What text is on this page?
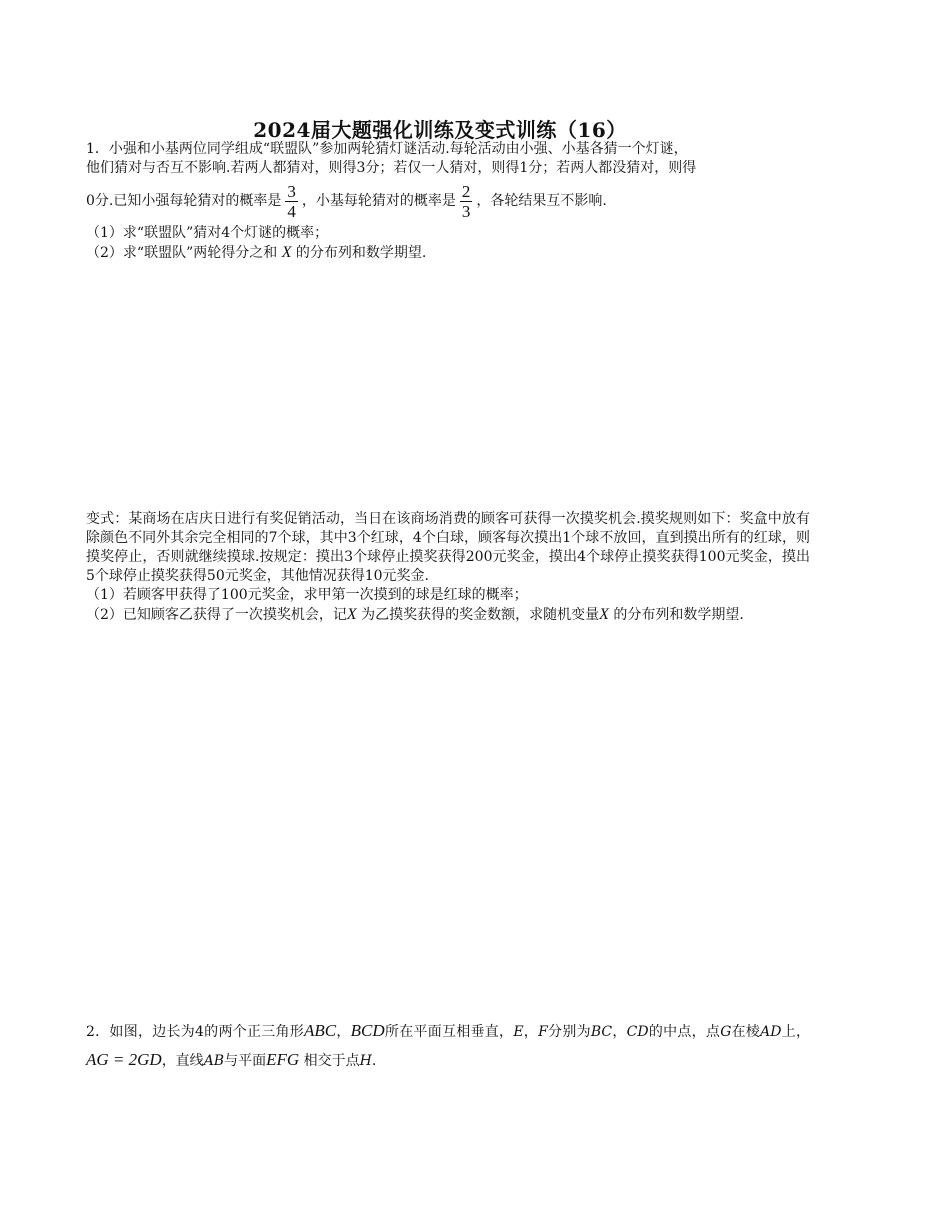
2024届大题强化训练及变式训练（16）

1．小强和小基两位同学组成“联盟队”参加两轮猜灯谜活动.每轮活动由小强、小基各猜一个灯谜，

他们猜对与否互不影响.若两人都猜对，则得3分；若仅一人猜对，则得1分；若两人都没猜对，则得

0分.已知小强每轮猜对的概率是 $\frac{3}{4}$ ，小基每轮猜对的概率是 $\frac{2}{3}$ ，各轮结果互不影响.

（1）求“联盟队”猜对4个灯谜的概率；

（2）求“联盟队”两轮得分之和 X 的分布列和数学期望.

变式：某商场在店庆日进行有奖促销活动，当日在该商场消费的顾客可获得一次摸奖机会.摸奖规则如下：奖盒中放有除颜色不同外其余完全相同的7个球，其中3个红球，4个白球，顾客每次摸出1个球不放回，直到摸出所有的红球，则摸奖停止，否则就继续摸球.按规定：摸出3个球停止摸奖获得200元奖金，摸出4个球停止摸奖获得100元奖金，摸出5个球停止摸奖获得50元奖金，其他情况获得10元奖金.

（1）若顾客甲获得了100元奖金，求甲第一次摸到的球是红球的概率；

（2）已知顾客乙获得了一次摸奖机会，记X 为乙摸奖获得的奖金数额，求随机变量X 的分布列和数学期望.

2．如图，边长为4的两个正三角形ABC，BCD所在平面互相垂直，E，F分别为BC，CD的中点，点G在棱AD上， AG = 2GD，直线AB与平面EFG 相交于点H.
